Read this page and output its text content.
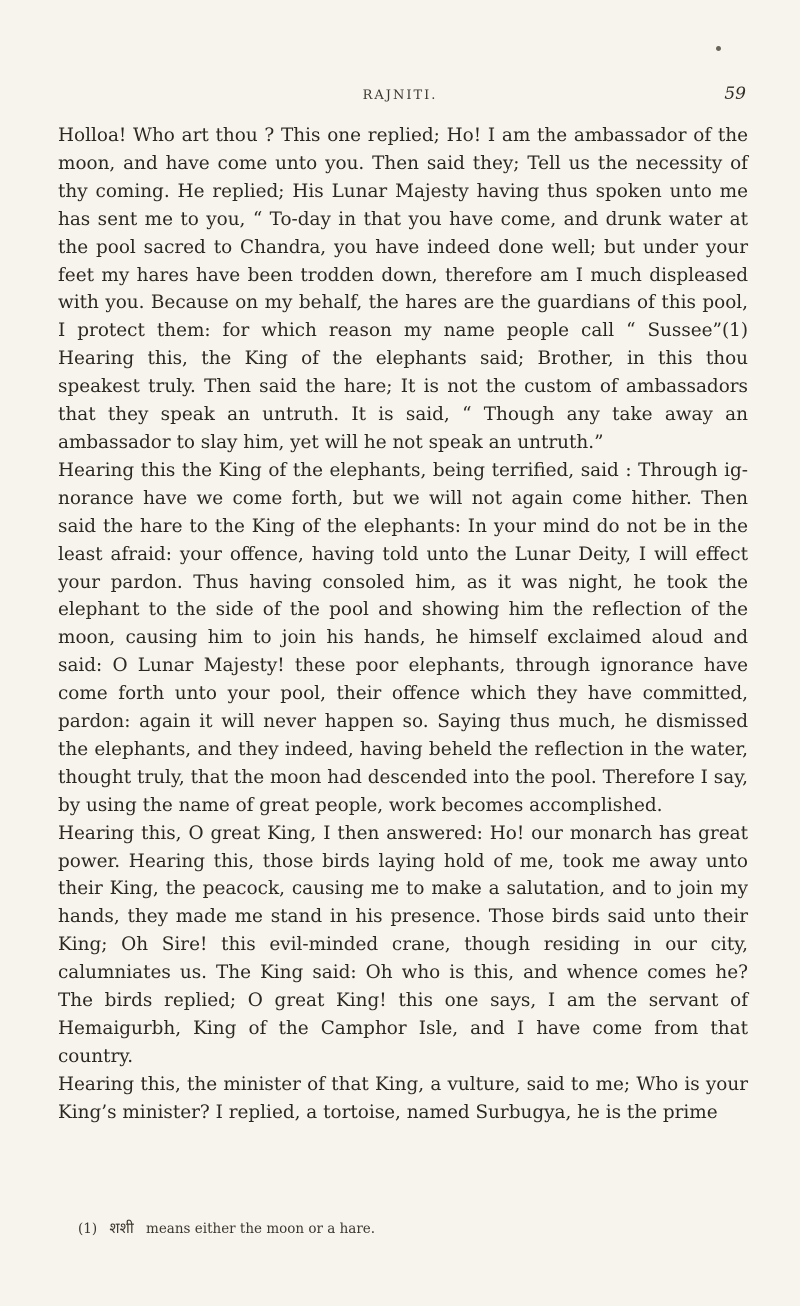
RAJNITI.	59

Holloa! Who art thou ? This one replied; Ho! I am the ambassador of the moon, and have come unto you. Then said they; Tell us the necessity of thy coming. He replied; His Lunar Majesty having thus spoken unto me has sent me to you, “ To-day in that you have come, and drunk water at the pool sacred to Chandra, you have indeed done well; but under your feet my hares have been trodden down, therefore am I much displeased with you. Because on my behalf, the hares are the guardians of this pool, I protect them: for which reason my name people call “ Sussee”(1) Hearing this, the King of the elephants said; Brother, in this thou speakest truly. Then said the hare; It is not the custom of ambassadors that they speak an untruth. It is said, “ Though any take away an ambassador to slay him, yet will he not speak an untruth.”

Hearing this the King of the elephants, being terrified, said : Through ig- norance have we come forth, but we will not again come hither. Then said the hare to the King of the elephants: In your mind do not be in the least afraid: your offence, having told unto the Lunar Deity, I will effect your pardon. Thus having consoled him, as it was night, he took the elephant to the side of the pool and showing him the reflection of the moon, causing him to join his hands, he himself exclaimed aloud and said: O Lunar Majesty! these poor elephants, through ignorance have come forth unto your pool, their offence which they have committed, pardon: again it will never happen so. Saying thus much, he dismissed the elephants, and they indeed, having beheld the reflection in the water, thought truly, that the moon had descended into the pool. Therefore I say, by using the name of great people, work becomes accomplished.

Hearing this, O great King, I then answered: Ho! our monarch has great power. Hearing this, those birds laying hold of me, took me away unto their King, the peacock, causing me to make a salutation, and to join my hands, they made me stand in his presence. Those birds said unto their King; Oh Sire! this evil-minded crane, though residing in our city, calumniates us. The King said: Oh who is this, and whence comes he? The birds replied; O great King! this one says, I am the servant of Hemaigurbh, King of the Camphor Isle, and I have come from that country.

Hearing this, the minister of that King, a vulture, said to me; Who is your King’s minister? I replied, a tortoise, named Surbugya, he is the prime

(1) शशी means either the moon or a hare.
